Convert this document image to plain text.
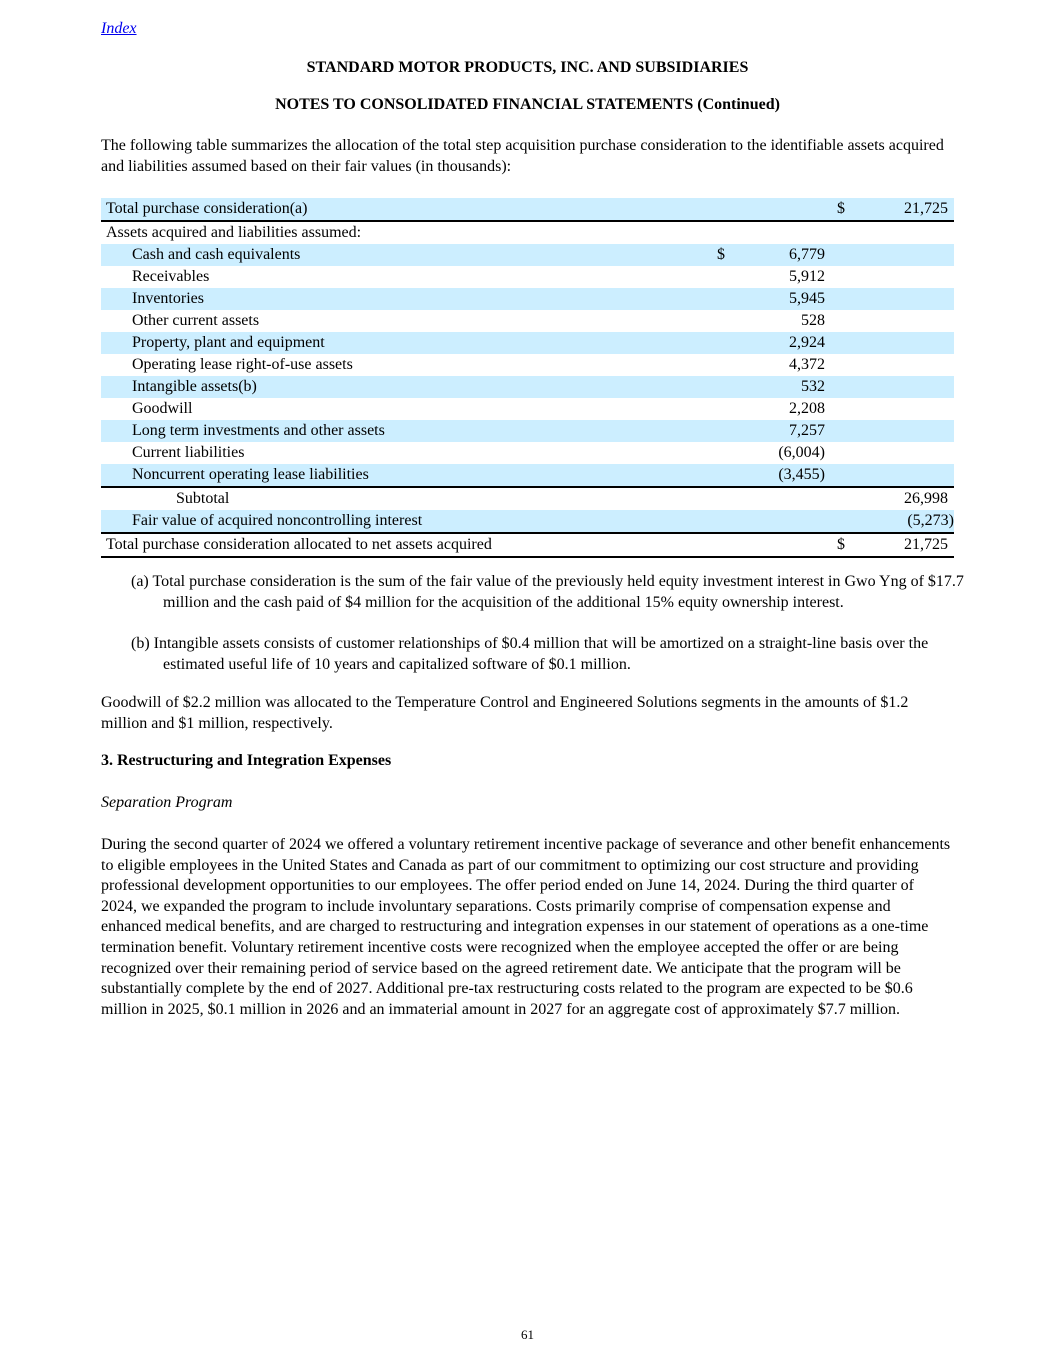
Index
STANDARD MOTOR PRODUCTS, INC. AND SUBSIDIARIES
NOTES TO CONSOLIDATED FINANCIAL STATEMENTS (Continued)

The following table summarizes the allocation of the total step acquisition purchase consideration to the identifiable assets acquired and liabilities assumed based on their fair values (in thousands):

Total purchase consideration(a)		$ 21,725

Assets acquired and liabilities assumed:		
Cash and cash equivalents	$ 6,779	

Receivables	5,912	

Inventories	5,945	

Other current assets	528	

Property, plant and equipment	2,924	

Operating lease right-of-use assets	4,372	

Intangible assets(b)	532	

Goodwill	2,208	

Long term investments and other assets	7,257	

Current liabilities	(6,004)	

Noncurrent operating lease liabilities	(3,455)	

Subtotal		26,998

Fair value of acquired noncontrolling interest		(5,273)

Total purchase consideration allocated to net assets acquired		$ 21,725

(a) Total purchase consideration is the sum of the fair value of the previously held equity investment interest in Gwo Yng of $17.7 million and the cash paid of $4 million for the acquisition of the additional 15% equity ownership interest.

(b) Intangible assets consists of customer relationships of $0.4 million that will be amortized on a straight-line basis over the estimated useful life of 10 years and capitalized software of $0.1 million.

Goodwill of $2.2 million was allocated to the Temperature Control and Engineered Solutions segments in the amounts of $1.2 million and $1 million, respectively.

3. Restructuring and Integration Expenses
Separation Program

During the second quarter of 2024 we offered a voluntary retirement incentive package of severance and other benefit enhancements to eligible employees in the United States and Canada as part of our commitment to optimizing our cost structure and providing professional development opportunities to our employees. The offer period ended on June 14, 2024. During the third quarter of 2024, we expanded the program to include involuntary separations. Costs primarily comprise of compensation expense and enhanced medical benefits, and are charged to restructuring and integration expenses in our statement of operations as a one-time termination benefit. Voluntary retirement incentive costs were recognized when the employee accepted the offer or are being recognized over their remaining period of service based on the agreed retirement date. We anticipate that the program will be substantially complete by the end of 2027. Additional pre-tax restructuring costs related to the program are expected to be $0.6 million in 2025, $0.1 million in 2026 and an immaterial amount in 2027 for an aggregate cost of approximately $7.7 million.

61
